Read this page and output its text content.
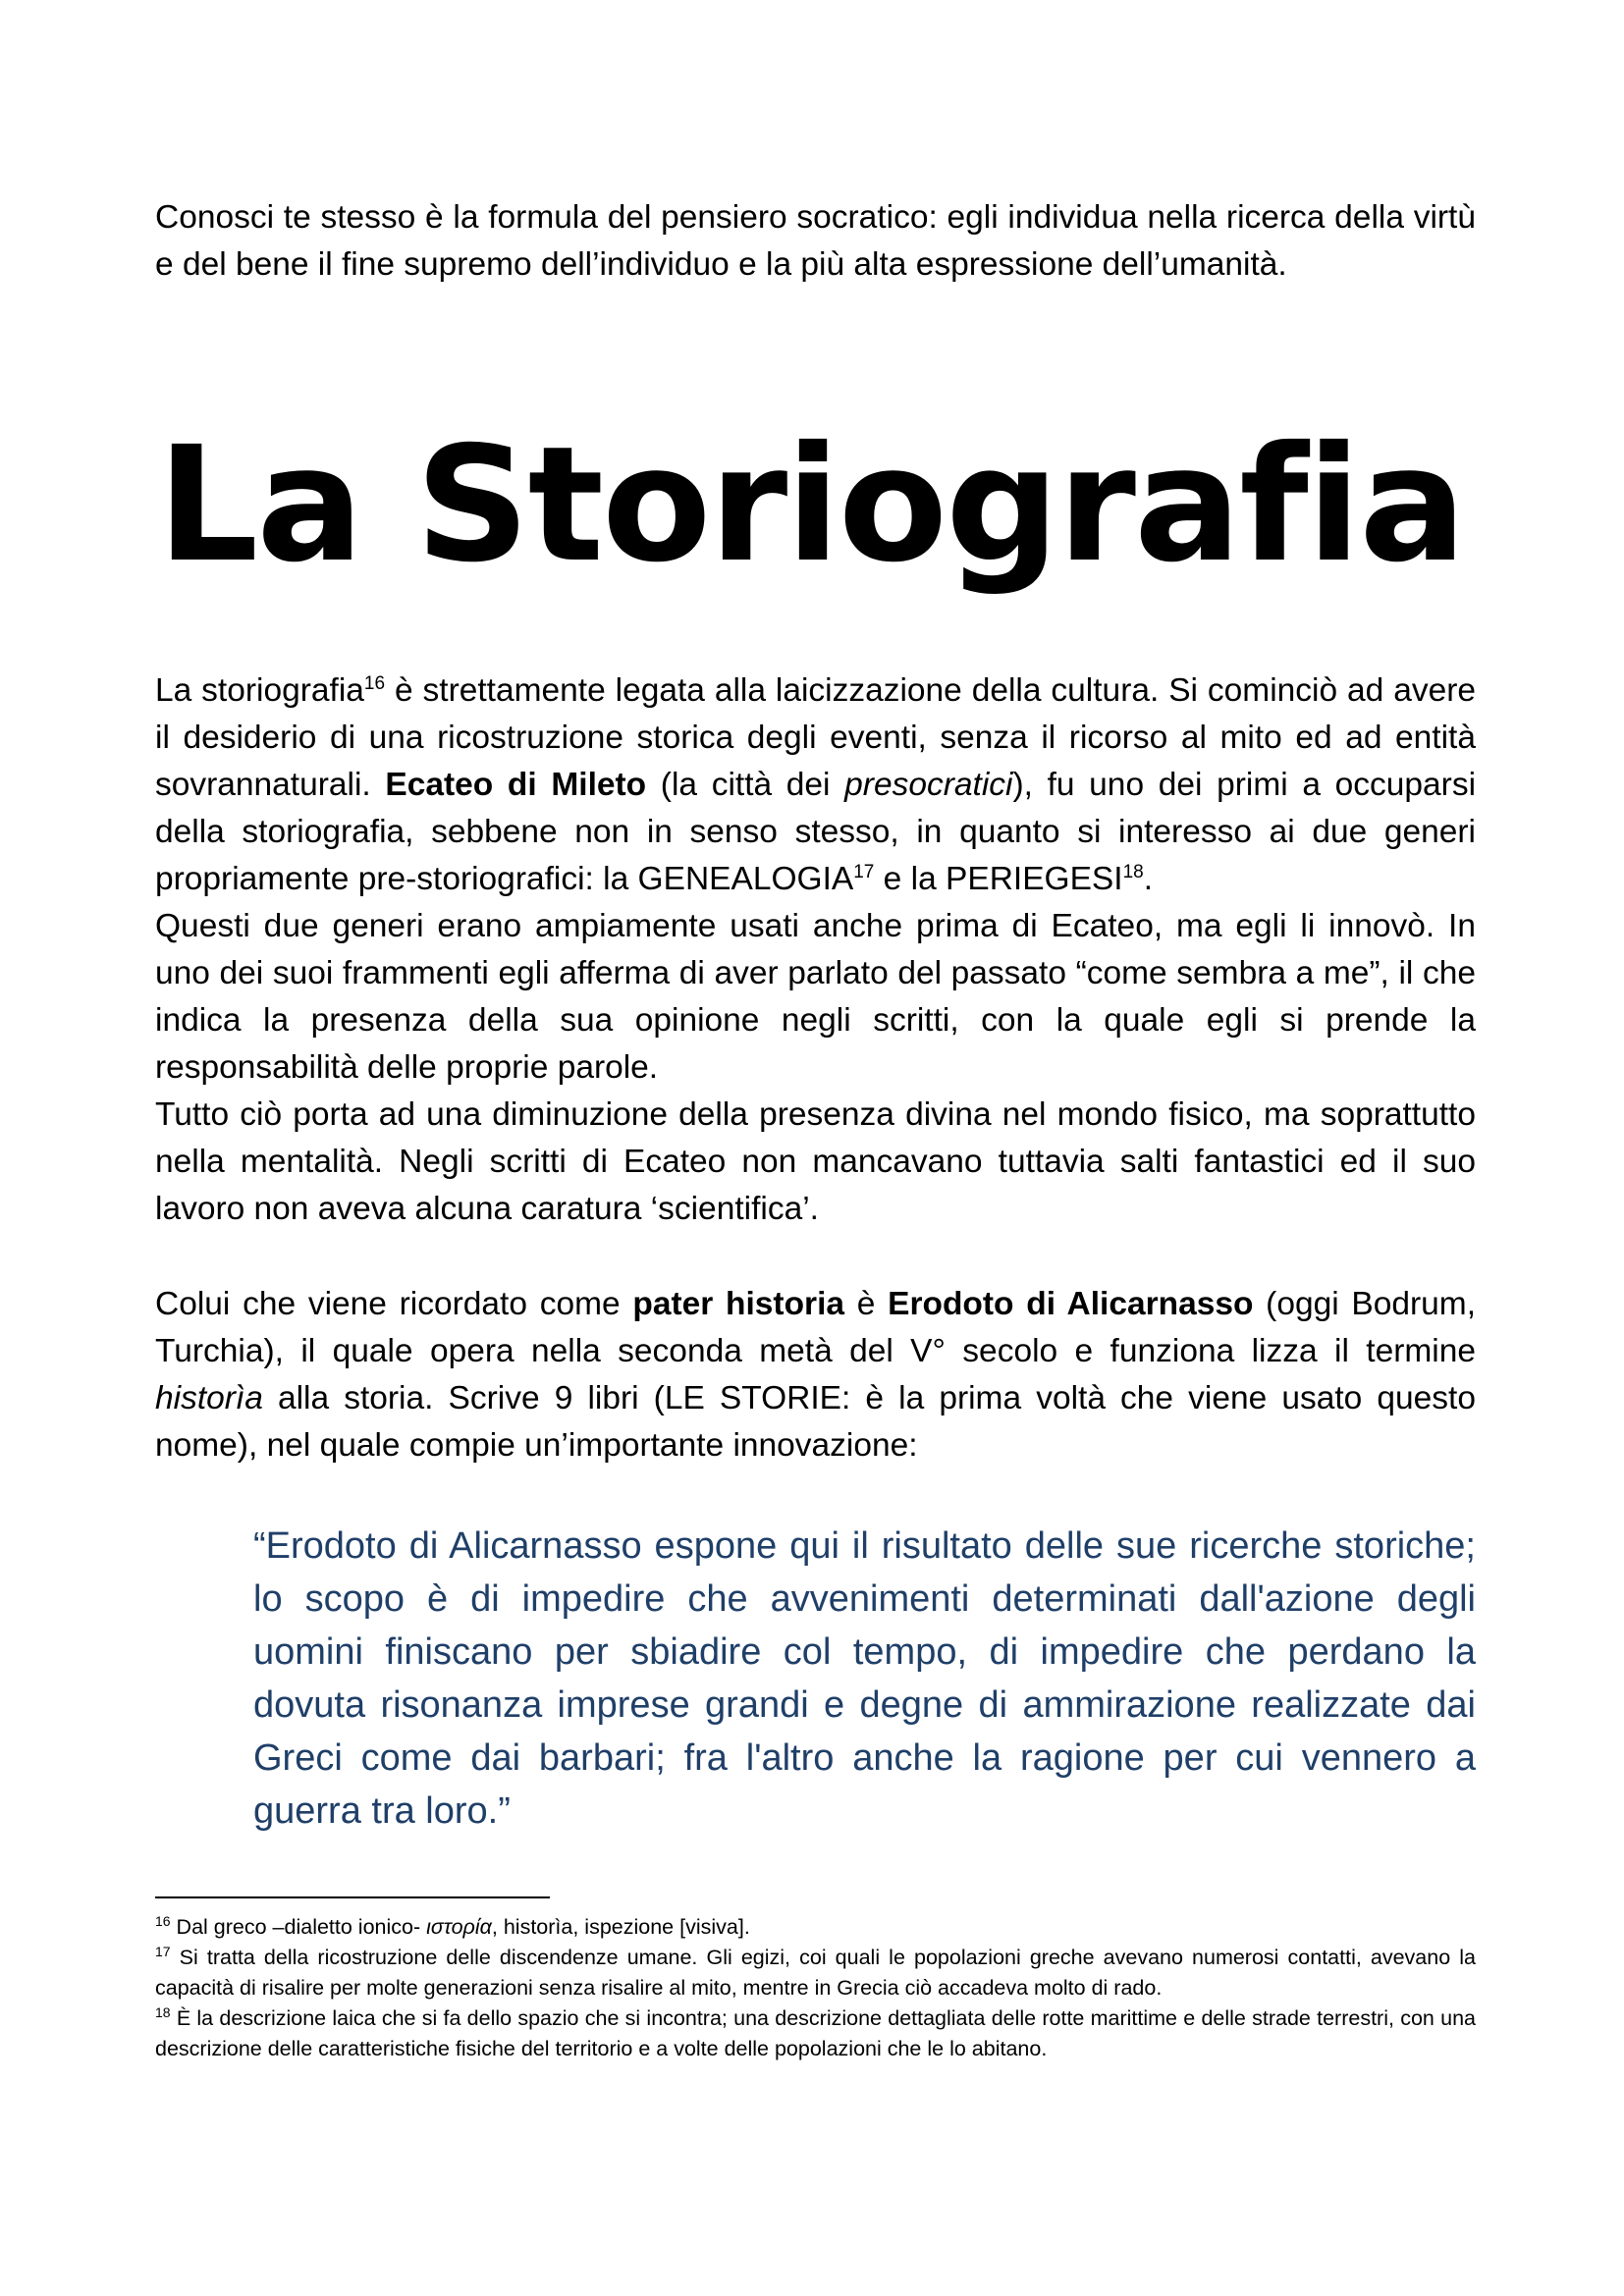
Conosci te stesso è la formula del pensiero socratico: egli individua nella ricerca della virtù e del bene il fine supremo dell’individuo e la più alta espressione dell’umanità.

La Storiografia

La storiografia$^{16}$ è strettamente legata alla laicizzazione della cultura. Si cominciò ad avere il desiderio di una ricostruzione storica degli eventi, senza il ricorso al mito ed ad entità sovrannaturali. Ecateo di Mileto (la città dei presocratici), fu uno dei primi a occuparsi della storiografia, sebbene non in senso stesso, in quanto si interesso ai due generi propriamente pre-storiografici: la GENEALOGIA$^{17}$ e la PERIEGESI$^{18}$.

Questi due generi erano ampiamente usati anche prima di Ecateo, ma egli li innovò. In uno dei suoi frammenti egli afferma di aver parlato del passato “come sembra a me”, il che indica la presenza della sua opinione negli scritti, con la quale egli si prende la responsabilità delle proprie parole.

Tutto ciò porta ad una diminuzione della presenza divina nel mondo fisico, ma soprattutto nella mentalità. Negli scritti di Ecateo non mancavano tuttavia salti fantastici ed il suo lavoro non aveva alcuna caratura ‘scientifica’.

Colui che viene ricordato come pater historia è Erodoto di Alicarnasso (oggi Bodrum, Turchia), il quale opera nella seconda metà del V° secolo e funziona lizza il termine historìa alla storia. Scrive 9 libri (LE STORIE: è la prima voltà che viene usato questo nome), nel quale compie un’importante innovazione:

“Erodoto di Alicarnasso espone qui il risultato delle sue ricerche storiche; lo scopo è di impedire che avvenimenti determinati dall'azione degli uomini finiscano per sbiadire col tempo, di impedire che perdano la dovuta risonanza imprese grandi e degne di ammirazione realizzate dai Greci come dai barbari; fra l'altro anche la ragione per cui vennero a guerra tra loro.”

$^{16}$ Dal greco –dialetto ionico- ιστορία, historìa, ispezione [visiva].

$^{17}$ Si tratta della ricostruzione delle discendenze umane. Gli egizi, coi quali le popolazioni greche avevano numerosi contatti, avevano la capacità di risalire per molte generazioni senza risalire al mito, mentre in Grecia ciò accadeva molto di rado.

$^{18}$ È la descrizione laica che si fa dello spazio che si incontra; una descrizione dettagliata delle rotte marittime e delle strade terrestri, con una descrizione delle caratteristiche fisiche del territorio e a volte delle popolazioni che le lo abitano.
